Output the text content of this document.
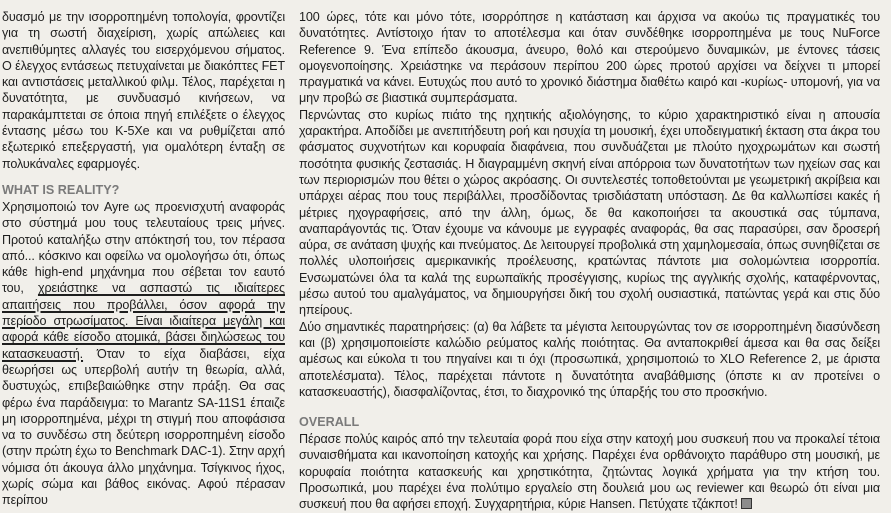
δυασμό με την ισορροπημένη τοπολογία, φροντίζει για τη σωστή διαχείριση, χωρίς απώλειες και ανεπιθύμητες αλλαγές του εισερχόμενου σήματος. Ο έλεγχος εντάσεως πετυχαίνεται με διακόπτες FET και αντιστάσεις μεταλλικού φιλμ. Τέλος, παρέχεται η δυνατότητα, με συνδυασμό κινήσεων, να παρακάμπτεται σε όποια πηγή επιλέξετε ο έλεγχος έντασης μέσω του K-5Xe και να ρυθμίζεται από εξωτερικό επεξεργαστή, για ομαλότερη ένταξη σε πολυκάναλες εφαρμογές.

WHAT IS REALITY?

Χρησιμοποιώ τον Ayre ως προενισχυτή αναφοράς στο σύστημά μου τους τελευταίους τρεις μήνες. Προτού καταλήξω στην απόκτησή του, τον πέρασα από... κόσκινο και οφείλω να ομολογήσω ότι, όπως κάθε high-end μηχάνημα που σέβεται τον εαυτό του, χρειάστηκε να ασπαστώ τις ιδιαίτερες απαιτήσεις που προβάλλει, όσον αφορά την περίοδο στρωσίματος. Είναι ιδιαίτερα μεγάλη και αφορά κάθε είσοδο ατομικά, βάσει διηλώσεως του κατασκευαστή. Όταν το είχα διαβάσει, είχα θεωρήσει ως υπερβολή αυτήν τη θεωρία, αλλά, δυστυχώς, επιβεβαιώθηκε στην πράξη. Θα σας φέρω ένα παράδειγμα: το Marantz SA-11S1 έπαιζε μη ισορροπημένα, μέχρι τη στιγμή που αποφάσισα να το συνδέσω στη δεύτερη ισορροπημένη είσοδο (στην πρώτη έχω το Benchmark DAC-1). Στην αρχή νόμισα ότι άκουγα άλλο μηχάνημα. Τσίγκινος ήχος, χωρίς σώμα και βάθος εικόνας. Αφού πέρασαν περίπου

100 ώρες, τότε και μόνο τότε, ισορρόπησε η κατάσταση και άρχισα να ακούω τις πραγματικές του δυνατότητες. Αντίστοιχο ήταν το αποτέλεσμα και όταν συνδέθηκε ισορροπημένα με τους NuForce Reference 9. Ένα επίπεδο άκουσμα, άνευρο, θολό και στερούμενο δυναμικών, με έντονες τάσεις ομογενοποίησης. Χρειάστηκε να περάσουν περίπου 200 ώρες προτού αρχίσει να δείχνει τι μπορεί πραγματικά να κάνει. Ευτυχώς που αυτό το χρονικό διάστημα διαθέτω καιρό και -κυρίως- υπομονή, για να μην προβώ σε βιαστικά συμπεράσματα.

Περνώντας στο κυρίως πιάτο της ηχητικής αξιολόγησης, το κύριο χαρακτηριστικό είναι η απουσία χαρακτήρα. Αποδίδει με ανεπιτήδευτη ροή και ησυχία τη μουσική, έχει υποδειγματική έκταση στα άκρα του φάσματος συχνοτήτων και κορυφαία διαφάνεια, που συνδυάζεται με πλούτο ηχοχρωμάτων και σωστή ποσότητα φυσικής ζεστασιάς. Η διαγραμμένη σκηνή είναι απόρροια των δυνατοτήτων των ηχείων σας και των περιορισμών που θέτει ο χώρος ακρόασης. Οι συντελεστές τοποθετούνται με γεωμετρική ακρίβεια και υπάρχει αέρας που τους περιβάλλει, προσδίδοντας τρισδιάστατη υπόσταση. Δε θα καλλωπίσει κακές ή μέτριες ηχογραφήσεις, από την άλλη, όμως, δε θα κακοποιήσει τα ακουστικά σας τύμπανα, αναπαράγοντάς τις. Όταν έχουμε να κάνουμε με εγγραφές αναφοράς, θα σας παρασύρει, σαν δροσερή αύρα, σε ανάταση ψυχής και πνεύματος. Δε λειτουργεί προβολικά στη χαμηλομεσαία, όπως συνηθίζεται σε πολλές υλοποιήσεις αμερικανικής προέλευσης, κρατώντας πάντοτε μια σολομώντεια ισορροπία. Ενσωματώνει όλα τα καλά της ευρωπαϊκής προσέγγισης, κυρίως της αγγλικής σχολής, καταφέρνοντας, μέσω αυτού του αμαλγάματος, να δημιουργήσει δική του σχολή ουσιαστικά, πατώντας γερά και στις δύο ηπείρους.

Δύο σημαντικές παρατηρήσεις: (α) θα λάβετε τα μέγιστα λειτουργώντας τον σε ισορροπημένη διασύνδεση και (β) χρησιμοποιείστε καλώδιο ρεύματος καλής ποιότητας. Θα ανταποκριθεί άμεσα και θα σας δείξει αμέσως και εύκολα τι του πηγαίνει και τι όχι (προσωπικά, χρησιμοποιώ το XLO Reference 2, με άριστα αποτελέσματα). Τέλος, παρέχεται πάντοτε η δυνατότητα αναβάθμισης (όπστε κι αν προτείνει ο κατασκευαστής), διασφαλίζοντας, έτσι, το διαχρονικό της ύπαρξής του στο προσκήνιο.

OVERALL

Πέρασε πολύς καιρός από την τελευταία φορά που είχα στην κατοχή μου συσκευή που να προκαλεί τέτοια συναισθήματα και ικανοποίηση κατοχής και χρήσης. Παρέχει ένα ορθάνοιχτο παράθυρο στη μουσική, με κορυφαία ποιότητα κατασκευής και χρηστικότητα, ζητώντας λογικά χρήματα για την κτήση του. Προσωπικά, μου παρέχει ένα πολύτιμο εργαλείο στη δουλειά μου ως reviewer και θεωρώ ότι είναι μια συσκευή που θα αφήσει εποχή. Συγχαρητήρια, κύριε Hansen. Πετύχατε τζάκποτ!
